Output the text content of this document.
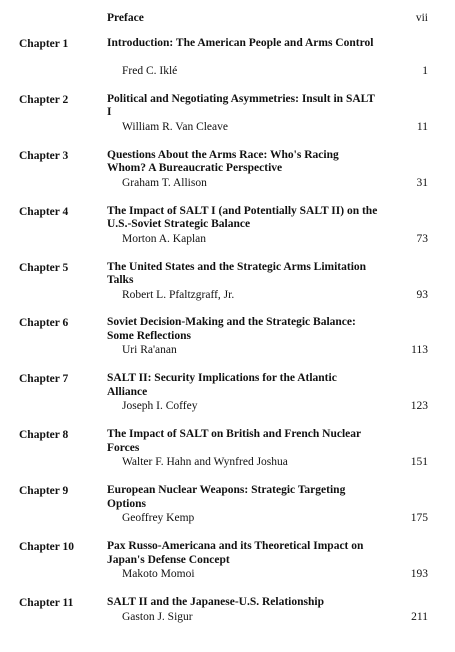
Preface	vii
Chapter 1	Introduction: The American People and Arms Control
Fred C. Iklé	1
Chapter 2	Political and Negotiating Asymmetries: Insult in SALT I
William R. Van Cleave	11
Chapter 3	Questions About the Arms Race: Who's Racing Whom? A Bureaucratic Perspective
Graham T. Allison	31
Chapter 4	The Impact of SALT I (and Potentially SALT II) on the U.S.-Soviet Strategic Balance
Morton A. Kaplan	73
Chapter 5	The United States and the Strategic Arms Limitation Talks
Robert L. Pfaltzgraff, Jr.	93
Chapter 6	Soviet Decision-Making and the Strategic Balance: Some Reflections
Uri Ra'anan	113
Chapter 7	SALT II: Security Implications for the Atlantic Alliance
Joseph I. Coffey	123
Chapter 8	The Impact of SALT on British and French Nuclear Forces
Walter F. Hahn and Wynfred Joshua	151
Chapter 9	European Nuclear Weapons: Strategic Targeting Options
Geoffrey Kemp	175
Chapter 10	Pax Russo-Americana and its Theoretical Impact on Japan's Defense Concept
Makoto Momoi	193
Chapter 11	SALT II and the Japanese-U.S. Relationship
Gaston J. Sigur	211
